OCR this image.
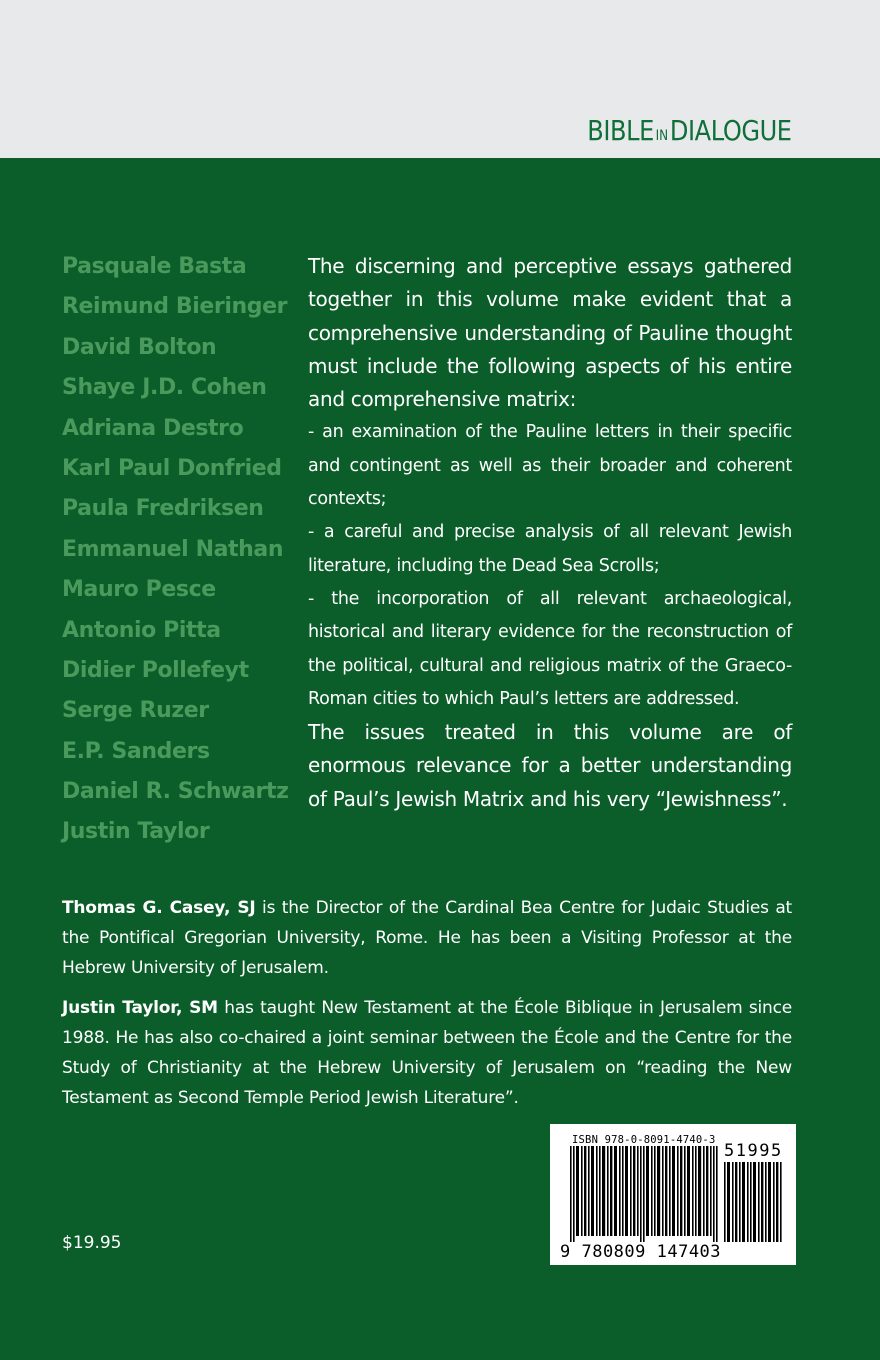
BIBLE INDIALOGUE
Pasquale Basta
Reimund Bieringer
David Bolton
Shaye J.D. Cohen
Adriana Destro
Karl Paul Donfried
Paula Fredriksen
Emmanuel Nathan
Mauro Pesce
Antonio Pitta
Didier Pollefeyt
Serge Ruzer
E.P. Sanders
Daniel R. Schwartz
Justin Taylor

The discerning and perceptive essays gathered together in this volume make evident that a comprehensive understanding of Pauline thought must include the following aspects of his entire and comprehensive matrix:

- an examination of the Pauline letters in their specific and contingent as well as their broader and coherent contexts;

- a careful and precise analysis of all relevant Jewish literature, including the Dead Sea Scrolls;

- the incorporation of all relevant archaeological, historical and literary evidence for the reconstruction of the political, cultural and religious matrix of the Graeco-Roman cities to which Paul’s letters are addressed.

The issues treated in this volume are of enormous relevance for a better understanding of Paul’s Jewish Matrix and his very “Jewishness”.

Thomas G. Casey, SJ is the Director of the Cardinal Bea Centre for Judaic Studies at the Pontifical Gregorian University, Rome. He has been a Visiting Professor at the Hebrew University of Jerusalem.

Justin Taylor, SM has taught New Testament at the École Biblique in Jerusalem since 1988. He has also co-chaired a joint seminar between the École and the Centre for the Study of Christianity at the Hebrew University of Jerusalem on “reading the New Testament as Second Temple Period Jewish Literature”.

$19.95
ISBN 978-0-8091-4740-3
51995
9 780809 147403
